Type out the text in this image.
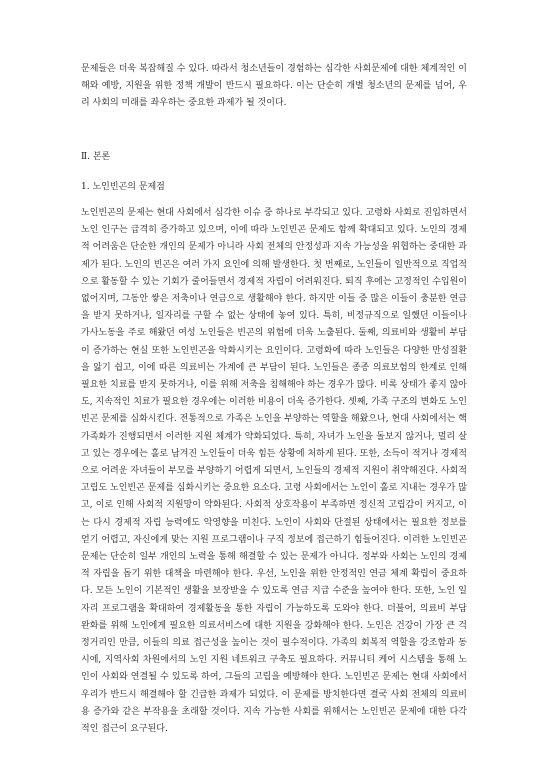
문제들은 더욱 복잡해질 수 있다. 따라서 청소년들이 경험하는 심각한 사회문제에 대한 체계적인 이해와 예방, 지원을 위한 정책 개발이 반드시 필요하다. 이는 단순히 개별 청소년의 문제를 넘어, 우리 사회의 미래를 좌우하는 중요한 과제가 될 것이다.

Ⅱ. 본론

1. 노인빈곤의 문제점

노인빈곤의 문제는 현대 사회에서 심각한 이슈 중 하나로 부각되고 있다. 고령화 사회로 진입하면서 노인 인구는 급격히 증가하고 있으며, 이에 따라 노인빈곤 문제도 함께 확대되고 있다. 노인의 경제적 어려움은 단순한 개인의 문제가 아니라 사회 전체의 안정성과 지속 가능성을 위협하는 중대한 과제가 된다. 노인의 빈곤은 여러 가지 요인에 의해 발생한다. 첫 번째로, 노인들이 일반적으로 직업적으로 활동할 수 있는 기회가 줄어들면서 경제적 자립이 어려워진다. 퇴직 후에는 고정적인 수입원이 없어지며, 그동안 쌓은 저축이나 연금으로 생활해야 한다. 하지만 이들 중 많은 이들이 충분한 연금을 받지 못하거나, 일자리를 구할 수 없는 상태에 놓여 있다. 특히, 비정규직으로 일했던 이들이나 가사노동을 주로 해왔던 여성 노인들은 빈곤의 위험에 더욱 노출된다. 둘째, 의료비와 생활비 부담이 증가하는 현실 또한 노인빈곤을 악화시키는 요인이다. 고령화에 따라 노인들은 다양한 만성질환을 앓기 쉽고, 이에 따른 의료비는 가계에 큰 부담이 된다. 노인들은 종종 의료보험의 한계로 인해 필요한 치료를 받지 못하거나, 이를 위해 저축을 침해해야 하는 경우가 많다. 비록 상태가 좋지 않아도, 지속적인 치료가 필요한 경우에는 이러한 비용이 더욱 증가한다. 셋째, 가족 구조의 변화도 노인빈곤 문제를 심화시킨다. 전통적으로 가족은 노인을 부양하는 역할을 해왔으나, 현대 사회에서는 핵가족화가 진행되면서 이러한 지원 체계가 약화되었다. 특히, 자녀가 노인을 돌보지 않거나, 멀리 살고 있는 경우에는 홀로 남겨진 노인들이 더욱 힘든 상황에 처하게 된다. 또한, 소득이 적거나 경제적으로 어려운 자녀들이 부모를 부양하기 어렵게 되면서, 노인들의 경제적 지원이 취약해진다. 사회적 고립도 노인빈곤 문제를 심화시키는 중요한 요소다. 고령 사회에서는 노인이 홀로 지내는 경우가 많고, 이로 인해 사회적 지원망이 약화된다. 사회적 상호작용이 부족하면 정신적 고립감이 커지고, 이는 다시 경제적 자립 능력에도 악영향을 미친다. 노인이 사회와 단절된 상태에서는 필요한 정보를 얻기 어렵고, 자신에게 맞는 지원 프로그램이나 구직 정보에 접근하기 힘들어진다. 이러한 노인빈곤 문제는 단순히 일부 개인의 노력을 통해 해결할 수 있는 문제가 아니다. 정부와 사회는 노인의 경제적 자립을 돕기 위한 대책을 마련해야 한다. 우선, 노인을 위한 안정적인 연금 체계 확립이 중요하다. 모든 노인이 기본적인 생활을 보장받을 수 있도록 연금 지급 수준을 높여야 한다. 또한, 노인 일자리 프로그램을 확대하여 경제활동을 통한 자립이 가능하도록 도와야 한다. 더불어, 의료비 부담 완화를 위해 노인에게 필요한 의료서비스에 대한 지원을 강화해야 한다. 노인은 건강이 가장 큰 걱정거리인 만큼, 이들의 의료 접근성을 높이는 것이 필수적이다. 가족의 회복적 역할을 강조함과 동시에, 지역사회 차원에서의 노인 지원 네트워크 구축도 필요하다. 커뮤니티 케어 시스템을 통해 노인이 사회와 연결될 수 있도록 하여, 그들의 고립을 예방해야 한다. 노인빈곤 문제는 현대 사회에서 우리가 반드시 해결해야 할 긴급한 과제가 되었다. 이 문제를 방치한다면 결국 사회 전체의 의료비용 증가와 같은 부작용을 초래할 것이다. 지속 가능한 사회를 위해서는 노인빈곤 문제에 대한 다각적인 접근이 요구된다.
